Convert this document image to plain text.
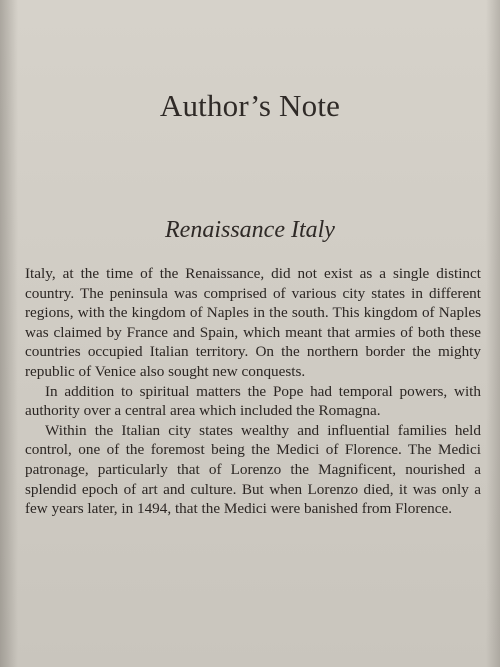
Author’s Note
Renaissance Italy

Italy, at the time of the Renaissance, did not exist as a single distinct country. The peninsula was comprised of various city states in different regions, with the kingdom of Naples in the south. This kingdom of Naples was claimed by France and Spain, which meant that armies of both these countries occupied Italian territory. On the northern border the mighty republic of Venice also sought new conquests.

In addition to spiritual matters the Pope had temporal powers, with authority over a central area which included the Romagna.

Within the Italian city states wealthy and influential families held control, one of the foremost being the Medici of Florence. The Medici patronage, particularly that of Lorenzo the Magnificent, nourished a splendid epoch of art and culture. But when Lorenzo died, it was only a few years later, in 1494, that the Medici were banished from Florence.
